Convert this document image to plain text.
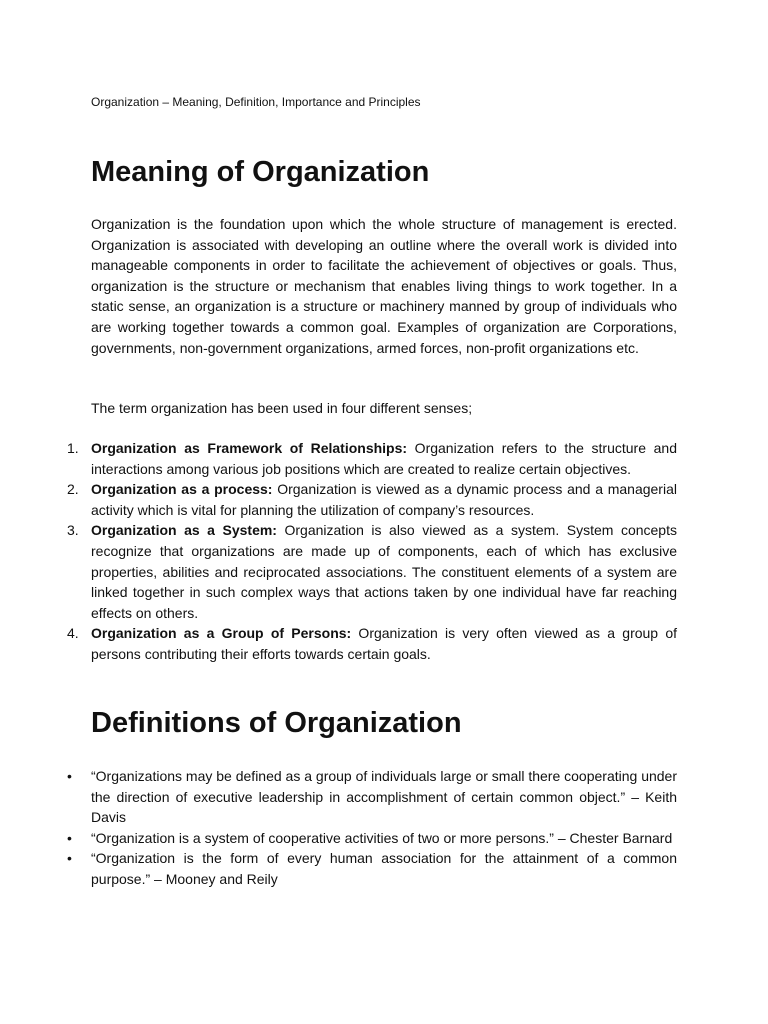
Organization – Meaning, Definition, Importance and Principles
Meaning of Organization

Organization is the foundation upon which the whole structure of management is erected. Organization is associated with developing an outline where the overall work is divided into manageable components in order to facilitate the achievement of objectives or goals. Thus, organization is the structure or mechanism that enables living things to work together. In a static sense, an organization is a structure or machinery manned by group of individuals who are working together towards a common goal. Examples of organization are Corporations, governments, non-government organizations, armed forces, non-profit organizations etc.

The term organization has been used in four different senses;

1. Organization as Framework of Relationships: Organization refers to the structure and interactions among various job positions which are created to realize certain objectives.
2. Organization as a process: Organization is viewed as a dynamic process and a managerial activity which is vital for planning the utilization of company’s resources.
3. Organization as a System: Organization is also viewed as a system. System concepts recognize that organizations are made up of components, each of which has exclusive properties, abilities and reciprocated associations. The constituent elements of a system are linked together in such complex ways that actions taken by one individual have far reaching effects on others.
4. Organization as a Group of Persons: Organization is very often viewed as a group of persons contributing their efforts towards certain goals.
Definitions of Organization
•	“Organizations may be defined as a group of individuals large or small there cooperating under the direction of executive leadership in accomplishment of certain common object.” – Keith Davis
•	“Organization is a system of cooperative activities of two or more persons.” – Chester Barnard
•	“Organization is the form of every human association for the attainment of a common purpose.” – Mooney and Reily
